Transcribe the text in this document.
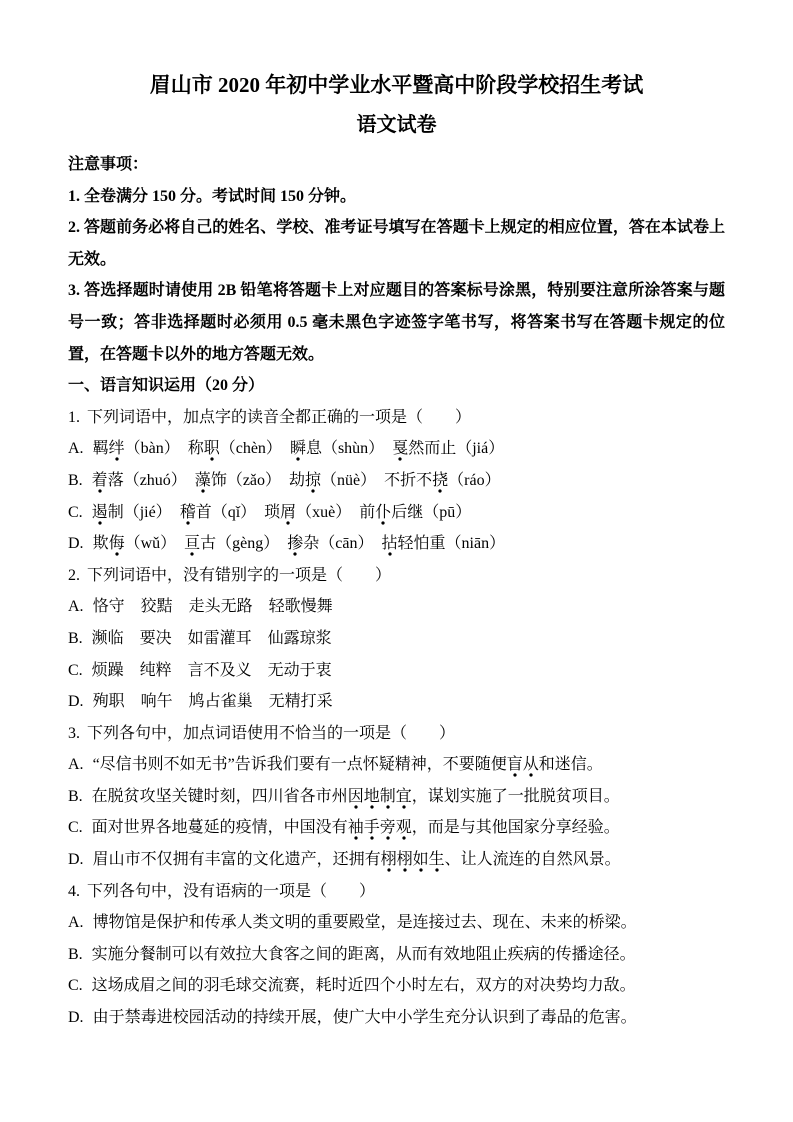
眉山市 2020 年初中学业水平暨高中阶段学校招生考试
语文试卷

注意事项：

1. 全卷满分 150 分。考试时间 150 分钟。

2. 答题前务必将自己的姓名、学校、准考证号填写在答题卡上规定的相应位置，答在本试卷上无效。

3. 答选择题时请使用 2B 铅笔将答题卡上对应题目的答案标号涂黑，特别要注意所涂答案与题号一致；答非选择题时必须用 0.5 毫未黑色字迹签字笔书写，将答案书写在答题卡规定的位置，在答题卡以外的地方答题无效。

一、语言知识运用（20 分）

1. 下列词语中，加点字的读音全都正确的一项是（　　）

A. 羁绊（bàn）　称职（chèn）　瞬息（shùn）　戛然而止（jiá）

B. 着落（zhuó）　藻饰（zǎo）　劫掠（nüè）　不折不挠（ráo）

C. 遏制（jié）　稽首（qǐ）　琐屑（xuè）　前仆后继（pū）

D. 欺侮（wǔ）　亘古（gèng）　掺杂（cān）　拈轻怕重（niān）

2. 下列词语中，没有错别字的一项是（　　）

A. 恪守　狡黠　走头无路　轻歌慢舞

B. 濒临　要决　如雷灌耳　仙露琼浆

C. 烦躁　纯粹　言不及义　无动于衷

D. 殉职　响午　鸠占雀巢　无精打采

3. 下列各句中，加点词语使用不恰当的一项是（　　）

A. “尽信书则不如无书”告诉我们要有一点怀疑精神，不要随便盲从和迷信。

B. 在脱贫攻坚关键时刻，四川省各市州因地制宜，谋划实施了一批脱贫项目。

C. 面对世界各地蔓延的疫情，中国没有袖手旁观，而是与其他国家分享经验。

D. 眉山市不仅拥有丰富的文化遗产，还拥有栩栩如生、让人流连的自然风景。

4. 下列各句中，没有语病的一项是（　　）

A. 博物馆是保护和传承人类文明的重要殿堂，是连接过去、现在、未来的桥梁。

B. 实施分餐制可以有效拉大食客之间的距离，从而有效地阻止疾病的传播途径。

C. 这场成眉之间的羽毛球交流赛，耗时近四个小时左右，双方的对决势均力敌。

D. 由于禁毒进校园活动的持续开展，使广大中小学生充分认识到了毒品的危害。
